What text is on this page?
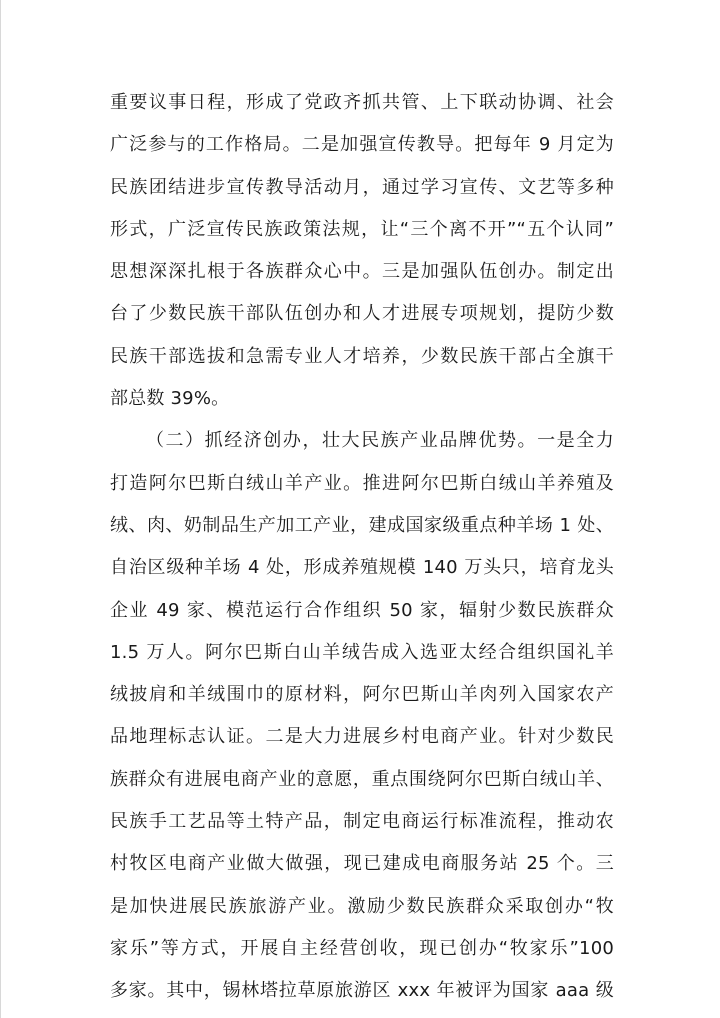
重要议事日程，形成了党政齐抓共管、上下联动协调、社会
广泛参与的工作格局。二是加强宣传教导。把每年 9 月定为
民族团结进步宣传教导活动月，通过学习宣传、文艺等多种
形式，广泛宣传民族政策法规，让“三个离不开”“五个认同”
思想深深扎根于各族群众心中。三是加强队伍创办。制定出
台了少数民族干部队伍创办和人才进展专项规划，提防少数
民族干部选拔和急需专业人才培养，少数民族干部占全旗干
部总数 39%。
（二）抓经济创办，壮大民族产业品牌优势。一是全力
打造阿尔巴斯白绒山羊产业。推进阿尔巴斯白绒山羊养殖及
绒、肉、奶制品生产加工产业，建成国家级重点种羊场 1 处、
自治区级种羊场 4 处，形成养殖规模 140 万头只，培育龙头
企业 49 家、模范运行合作组织 50 家，辐射少数民族群众
1.5 万人。阿尔巴斯白山羊绒告成入选亚太经合组织国礼羊
绒披肩和羊绒围巾的原材料，阿尔巴斯山羊肉列入国家农产
品地理标志认证。二是大力进展乡村电商产业。针对少数民
族群众有进展电商产业的意愿，重点围绕阿尔巴斯白绒山羊、
民族手工艺品等土特产品，制定电商运行标准流程，推动农
村牧区电商产业做大做强，现已建成电商服务站 25 个。三
是加快进展民族旅游产业。激励少数民族群众采取创办“牧
家乐”等方式，开展自主经营创收，现已创办“牧家乐”100
多家。其中，锡林塔拉草原旅游区 xxx 年被评为国家 aaa 级
